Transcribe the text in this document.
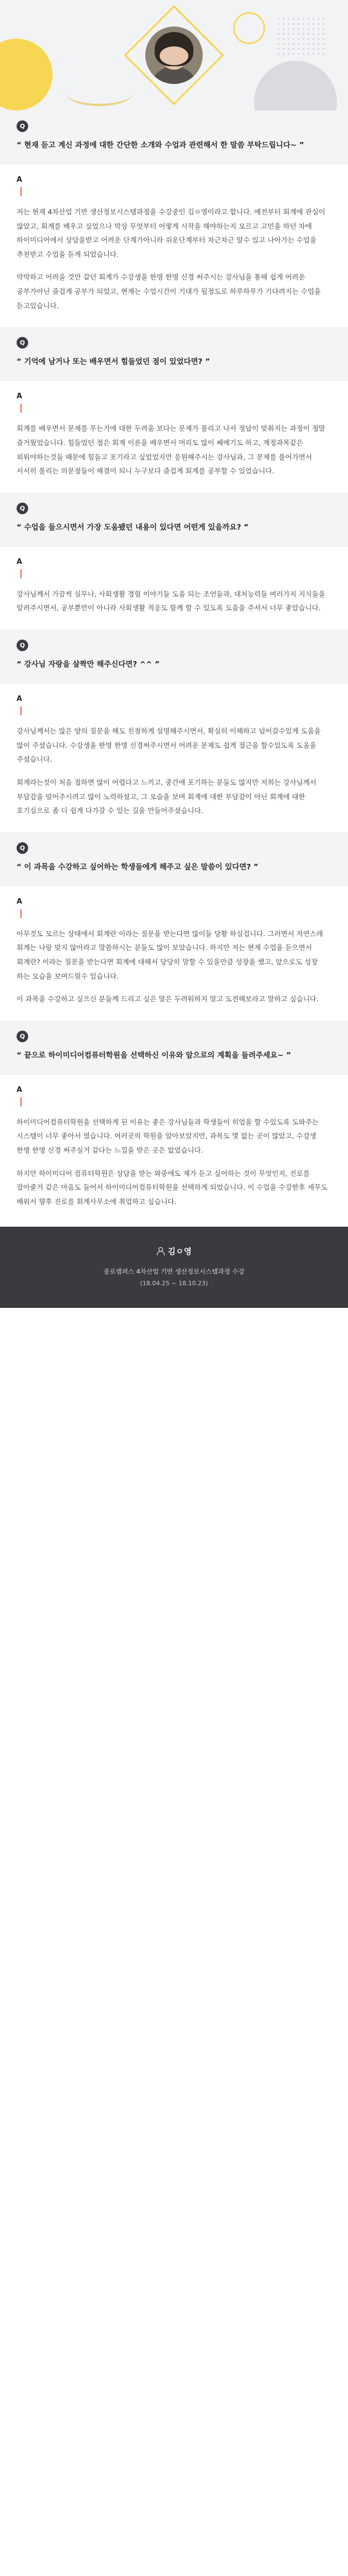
Q
“ 현재 듣고 계신 과정에 대한 간단한 소개와 수업과 관련해서 한 말씀 부탁드립니다~ ”
A

저는 현재 4차산업 기반 생산정보시스템과정을 수강중인 김ㅇ영이라고 합니다. 예전부터 회계에 관심이 많았고, 회계를 배우고 싶었으나 막상 무엇부터 어떻게 시작을 해야하는지 모르고 고민을 하던 차에 하이미디어에서 상담을받고 어려운 단계가아니라 쉬운단계부터 차근차근 알수 있고 나아가는 수업을 추천받고 수업을 듣게 되었습니다.

막막하고 어려울 것만 같던 회계가 수강생을 한명 한명 신경 써주시는 강사님을 통해 쉽게 어려운 공부가아닌 즐겁게 공부가 되었고, 현재는 수업시간이 기대가 될정도로 하루하루가 기다려지는 수업을 듣고있습니다.

Q
“ 기억에 남거나 또는 배우면서 힘들었던 점이 있었다면? ”
A

회계를 배우면서 문제를 푸는거에 대한 두려움 보다는 문제가 풀리고 나서 정답이 맞춰지는 과정이 정말 즐거웠었습니다. 힘들었던 점은 회계 이론을 배우면서 머리도 많이 쎄메기도 하고, 계정과목같은 외워야하는것들 때문에 힘들고 포기라고 싶었었지만 응원해주시는 강사님과, 그 문제를 풀어가면서 서서히 풀리는 의문점들이 해결이 되니 누구보다 즐겁게 회계를 공부할 수 있었습니다.

Q
“ 수업을 들으시면서 가장 도움됐던 내용이 있다면 어떤게 있을까요? ”
A

강사님께서 가끔씩 실무나, 사회생활 경험 이야기들 도움 되는 조언들과, 대처능력들 여러가지 지식들을 알려주시면서, 공부뿐만이 아니라 사회생활 적응도 함께 할 수 있도록 도움을 주셔서 너무 좋았습니다.

Q
“ 강사님 자랑을 살짝만 해주신다면? ^^ ”
A

강사님께서는 많은 양의 질문을 해도 친절하게 설명해주시면서, 확실히 이해하고 넘어갈수있게 도움을 많이 주셨습니다. 수강생을 한명 한명 신경써주시면서 어려운 문제도 쉽게 접근을 할수있도록 도움을 주셨습니다.

회계라는것이 처음 접하면 많이 어렵다고 느끼고, 중간에 포기하는 분들도 많지만 저희는 강사님께서 부담감을 덜어주시려고 많이 노력하셨고, 그 오슬을 보며 회계에 대한 부담감이 아닌 회계에 대한 호기심으로 좀 더 쉽게 다가갈 수 있는 길을 만들어주셨습니다.

Q
“ 이 과목을 수강하고 싶어하는 학생들에게 해주고 싶은 말씀이 있다면? ”
A

아무것도 모르는 상태에서 회계란 이라는 질문을 받는다면 많이들 당황 하실겁니다. 그러면서 자연스레 회계는 나랑 맞지 않아라고 말씀하시는 분들도 많이 보았습니다. 하지만 저는 현재 수업을 듣으면서 회계란? 이라는 질문을 받는다면 회계에 대해서 당당히 말할 수 있을만큼 성장을 했고, 앞으로도 성장 하는 모습을 보여드릴수 있습니다.

이 과목을 수강하고 싶으신 분들께 드리고 싶은 말은 두려워하지 말고 도전해보라고 말하고 싶습니다.

Q
“ 끝으로 하이미디어컴퓨터학원을 선택하신 이유와 앞으로의 계획을 들려주세요~ ”
A

하이미디어컴퓨터학원을 선택하게 된 이유는 좋은 강사님들과 학생들이 히업을 할 수있도록 도와주는 시스템이 너무 좋아서 였습니다. 여러곳의 학원을 알아보았지만, 과목도 몇 없는 곳이 많았고, 수강생 한명 한명 신경 써주실거 같다는 느낌을 받은 곳은 없었습니다.

하지만 하이미디어 컴퓨터학원은 상담을 받는 와중에도 제가 듣고 싶어하는 것이 무엇인지, 진로를 잡아줄거 같은 마음도 들어서 하이미디어컴퓨터학원을 선택하게 되었습니다. 이 수업을 수강한후 세무도 배워서 향후 진로를 회계사무소에 취업하고 싶습니다.

김ㅇ영
종로캠퍼스 4차산업 기반 생산정보시스템과정 수강
(18.04.25 ~ 18.10.23)
